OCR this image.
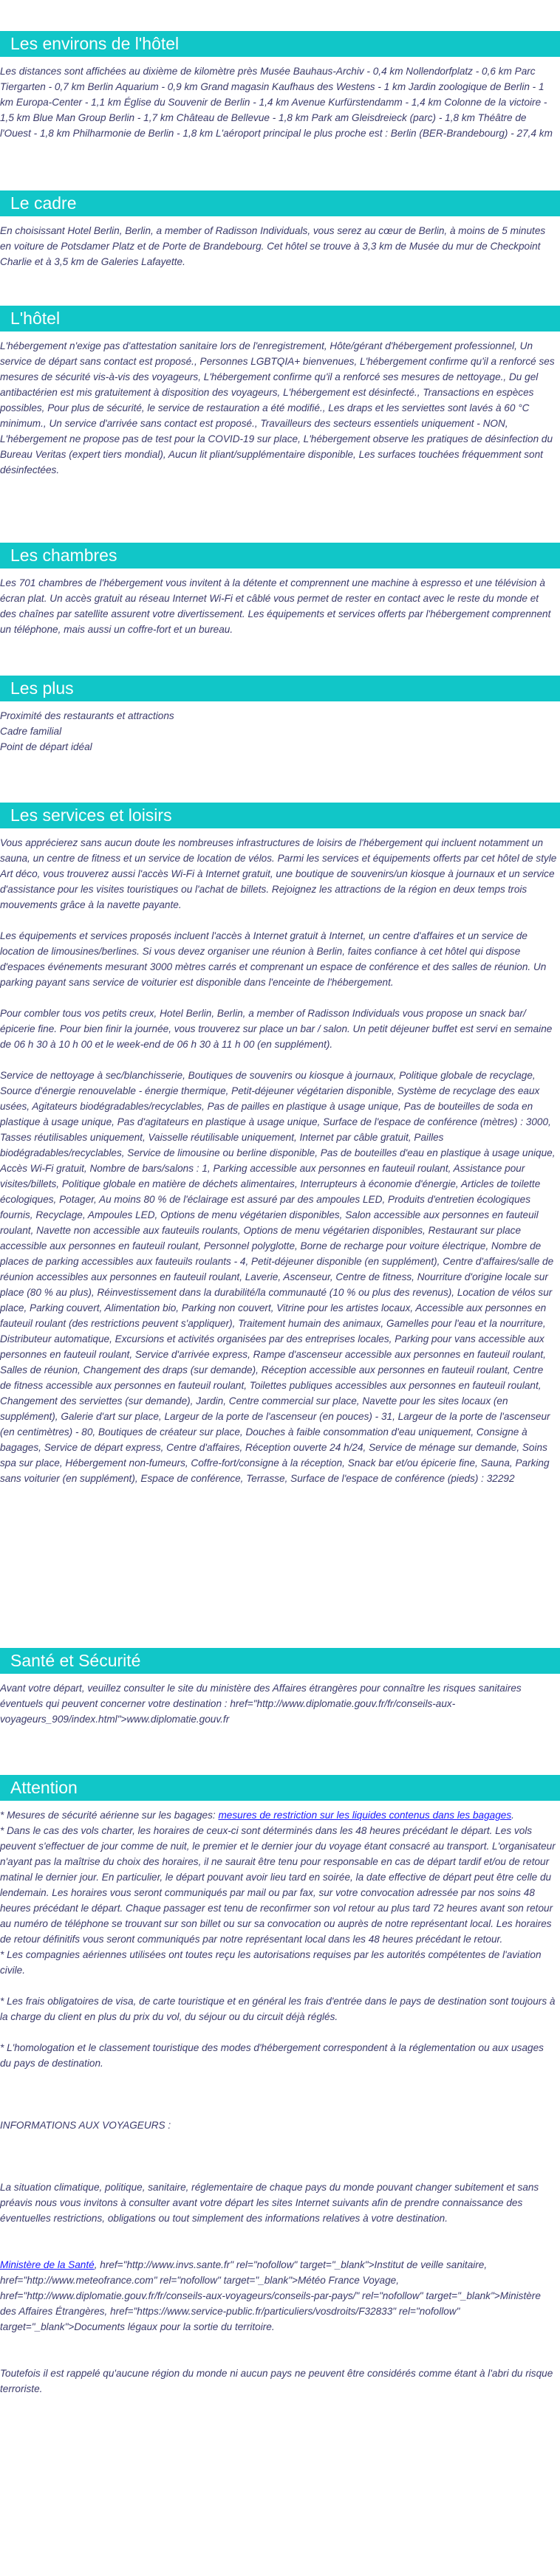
Les environs de l'hôtel
Les distances sont affichées au dixième de kilomètre près Musée Bauhaus-Archiv - 0,4 km Nollendorfplatz - 0,6 km Parc Tiergarten - 0,7 km Berlin Aquarium - 0,9 km Grand magasin Kaufhaus des Westens - 1 km Jardin zoologique de Berlin - 1 km Europa-Center - 1,1 km Église du Souvenir de Berlin - 1,4 km Avenue Kurfürstendamm - 1,4 km Colonne de la victoire - 1,5 km Blue Man Group Berlin - 1,7 km Château de Bellevue - 1,8 km Park am Gleisdreieck (parc) - 1,8 km Théâtre de l'Ouest - 1,8 km Philharmonie de Berlin - 1,8 km L'aéroport principal le plus proche est : Berlin (BER-Brandebourg) - 27,4 km
Le cadre
En choisissant Hotel Berlin, Berlin, a member of Radisson Individuals, vous serez au cœur de Berlin, à moins de 5 minutes en voiture de Potsdamer Platz et de Porte de Brandebourg. Cet hôtel se trouve à 3,3 km de Musée du mur de Checkpoint Charlie et à 3,5 km de Galeries Lafayette.
L'hôtel
L'hébergement n'exige pas d'attestation sanitaire lors de l'enregistrement, Hôte/gérant d'hébergement professionnel, Un service de départ sans contact est proposé., Personnes LGBTQIA+ bienvenues, L'hébergement confirme qu'il a renforcé ses mesures de sécurité vis-à-vis des voyageurs, L'hébergement confirme qu'il a renforcé ses mesures de nettoyage., Du gel antibactérien est mis gratuitement à disposition des voyageurs, L'hébergement est désinfecté., Transactions en espèces possibles, Pour plus de sécurité, le service de restauration a été modifié., Les draps et les serviettes sont lavés à 60 °C minimum., Un service d'arrivée sans contact est proposé., Travailleurs des secteurs essentiels uniquement - NON, L'hébergement ne propose pas de test pour la COVID-19 sur place, L'hébergement observe les pratiques de désinfection du Bureau Veritas (expert tiers mondial), Aucun lit pliant/supplémentaire disponible, Les surfaces touchées fréquemment sont désinfectées.
Les chambres
Les 701 chambres de l'hébergement vous invitent à la détente et comprennent une machine à espresso et une télévision à écran plat. Un accès gratuit au réseau Internet Wi-Fi et câblé vous permet de rester en contact avec le reste du monde et des chaînes par satellite assurent votre divertissement. Les équipements et services offerts par l'hébergement comprennent un téléphone, mais aussi un coffre-fort et un bureau.
Les plus

Proximité des restaurants et attractions

Cadre familial

Point de départ idéal

Les services et loisirs

Vous apprécierez sans aucun doute les nombreuses infrastructures de loisirs de l'hébergement qui incluent notamment un sauna, un centre de fitness et un service de location de vélos. Parmi les services et équipements offerts par cet hôtel de style Art déco, vous trouverez aussi l'accès Wi-Fi à Internet gratuit, une boutique de souvenirs/un kiosque à journaux et un service d'assistance pour les visites touristiques ou l'achat de billets. Rejoignez les attractions de la région en deux temps trois mouvements grâce à la navette payante.

Les équipements et services proposés incluent l'accès à Internet gratuit à Internet, un centre d'affaires et un service de location de limousines/berlines. Si vous devez organiser une réunion à Berlin, faites confiance à cet hôtel qui dispose d'espaces événements mesurant 3000 mètres carrés et comprenant un espace de conférence et des salles de réunion. Un parking payant sans service de voiturier est disponible dans l'enceinte de l'hébergement.

Pour combler tous vos petits creux, Hotel Berlin, Berlin, a member of Radisson Individuals vous propose un snack bar/épicerie fine. Pour bien finir la journée, vous trouverez sur place un bar / salon. Un petit déjeuner buffet est servi en semaine de 06 h 30 à 10 h 00 et le week-end de 06 h 30 à 11 h 00 (en supplément).

Service de nettoyage à sec/blanchisserie, Boutiques de souvenirs ou kiosque à journaux, Politique globale de recyclage, Source d'énergie renouvelable - énergie thermique, Petit-déjeuner végétarien disponible, Système de recyclage des eaux usées, Agitateurs biodégradables/recyclables, Pas de pailles en plastique à usage unique, Pas de bouteilles de soda en plastique à usage unique, Pas d'agitateurs en plastique à usage unique, Surface de l'espace de conférence (mètres) : 3000, Tasses réutilisables uniquement, Vaisselle réutilisable uniquement, Internet par câble gratuit, Pailles biodégradables/recyclables, Service de limousine ou berline disponible, Pas de bouteilles d'eau en plastique à usage unique, Accès Wi-Fi gratuit, Nombre de bars/salons : 1, Parking accessible aux personnes en fauteuil roulant, Assistance pour visites/billets, Politique globale en matière de déchets alimentaires, Interrupteurs à économie d'énergie, Articles de toilette écologiques, Potager, Au moins 80 % de l'éclairage est assuré par des ampoules LED, Produits d'entretien écologiques fournis, Recyclage, Ampoules LED, Options de menu végétarien disponibles, Salon accessible aux personnes en fauteuil roulant, Navette non accessible aux fauteuils roulants, Options de menu végétarien disponibles, Restaurant sur place accessible aux personnes en fauteuil roulant, Personnel polyglotte, Borne de recharge pour voiture électrique, Nombre de places de parking accessibles aux fauteuils roulants - 4, Petit-déjeuner disponible (en supplément), Centre d'affaires/salle de réunion accessibles aux personnes en fauteuil roulant, Laverie, Ascenseur, Centre de fitness, Nourriture d'origine locale sur place (80 % au plus), Réinvestissement dans la durabilité/la communauté (10 % ou plus des revenus), Location de vélos sur place, Parking couvert, Alimentation bio, Parking non couvert, Vitrine pour les artistes locaux, Accessible aux personnes en fauteuil roulant (des restrictions peuvent s'appliquer), Traitement humain des animaux, Gamelles pour l'eau et la nourriture, Distributeur automatique, Excursions et activités organisées par des entreprises locales, Parking pour vans accessible aux personnes en fauteuil roulant, Service d'arrivée express, Rampe d'ascenseur accessible aux personnes en fauteuil roulant, Salles de réunion, Changement des draps (sur demande), Réception accessible aux personnes en fauteuil roulant, Centre de fitness accessible aux personnes en fauteuil roulant, Toilettes publiques accessibles aux personnes en fauteuil roulant, Changement des serviettes (sur demande), Jardin, Centre commercial sur place, Navette pour les sites locaux (en supplément), Galerie d'art sur place, Largeur de la porte de l'ascenseur (en pouces) - 31, Largeur de la porte de l'ascenseur (en centimètres) - 80, Boutiques de créateur sur place, Douches à faible consommation d'eau uniquement, Consigne à bagages, Service de départ express, Centre d'affaires, Réception ouverte 24 h/24, Service de ménage sur demande, Soins spa sur place, Hébergement non-fumeurs, Coffre-fort/consigne à la réception, Snack bar et/ou épicerie fine, Sauna, Parking sans voiturier (en supplément), Espace de conférence, Terrasse, Surface de l'espace de conférence (pieds) : 32292

Santé et Sécurité
Avant votre départ, veuillez consulter le site du ministère des Affaires étrangères pour connaître les risques sanitaires éventuels qui peuvent concerner votre destination : href="http://www.diplomatie.gouv.fr/fr/conseils-aux-voyageurs_909/index.html">www.diplomatie.gouv.fr
Attention

* Mesures de sécurité aérienne sur les bagages: mesures de restriction sur les liquides contenus dans les bagages.

* Dans le cas des vols charter, les horaires de ceux-ci sont déterminés dans les 48 heures précédant le départ. Les vols peuvent s'effectuer de jour comme de nuit, le premier et le dernier jour du voyage étant consacré au transport. L'organisateur n'ayant pas la maîtrise du choix des horaires, il ne saurait être tenu pour responsable en cas de départ tardif et/ou de retour matinal le dernier jour. En particulier, le départ pouvant avoir lieu tard en soirée, la date effective de départ peut être celle du lendemain. Les horaires vous seront communiqués par mail ou par fax, sur votre convocation adressée par nos soins 48 heures précédant le départ. Chaque passager est tenu de reconfirmer son vol retour au plus tard 72 heures avant son retour au numéro de téléphone se trouvant sur son billet ou sur sa convocation ou auprès de notre représentant local. Les horaires de retour définitifs vous seront communiqués par notre représentant local dans les 48 heures précédant le retour.

* Les compagnies aériennes utilisées ont toutes reçu les autorisations requises par les autorités compétentes de l'aviation civile.

* Les frais obligatoires de visa, de carte touristique et en général les frais d'entrée dans le pays de destination sont toujours à la charge du client en plus du prix du vol, du séjour ou du circuit déjà réglés.

* L'homologation et le classement touristique des modes d'hébergement correspondent à la réglementation ou aux usages du pays de destination.

INFORMATIONS AUX VOYAGEURS :

La situation climatique, politique, sanitaire, réglementaire de chaque pays du monde pouvant changer subitement et sans préavis nous vous invitons à consulter avant votre départ les sites Internet suivants afin de prendre connaissance des éventuelles restrictions, obligations ou tout simplement des informations relatives à votre destination.

Ministère de la Santé, href="http://www.invs.sante.fr" rel="nofollow" target="_blank">Institut de veille sanitaire, href="http://www.meteofrance.com" rel="nofollow" target="_blank">Météo France Voyage, href="http://www.diplomatie.gouv.fr/fr/conseils-aux-voyageurs/conseils-par-pays/" rel="nofollow" target="_blank">Ministère des Affaires Étrangères, href="https://www.service-public.fr/particuliers/vosdroits/F32833" rel="nofollow" target="_blank">Documents légaux pour la sortie du territoire.

Toutefois il est rappelé qu'aucune région du monde ni aucun pays ne peuvent être considérés comme étant à l'abri du risque terroriste.
